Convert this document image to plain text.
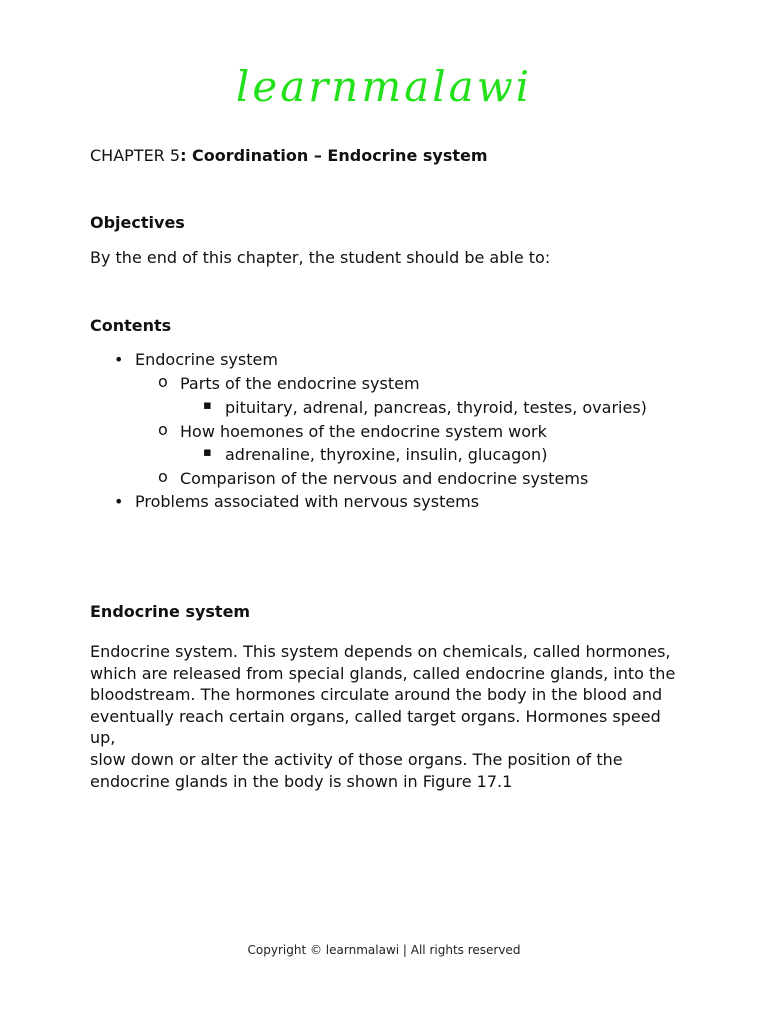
learnmalawi
CHAPTER 5: Coordination – Endocrine system
Objectives
By the end of this chapter, the student should be able to:
Contents
• Endocrine system
o Parts of the endocrine system
▪ pituitary, adrenal, pancreas, thyroid, testes, ovaries)
o How hoemones of the endocrine system work
▪ adrenaline, thyroxine, insulin, glucagon)
o Comparison of the nervous and endocrine systems
• Problems associated with nervous systems
Endocrine system
Endocrine system. This system depends on chemicals, called hormones,
which are released from special glands, called endocrine glands, into the
bloodstream. The hormones circulate around the body in the blood and
eventually reach certain organs, called target organs. Hormones speed up,
slow down or alter the activity of those organs. The position of the
endocrine glands in the body is shown in Figure 17.1
Copyright © learnmalawi | All rights reserved
